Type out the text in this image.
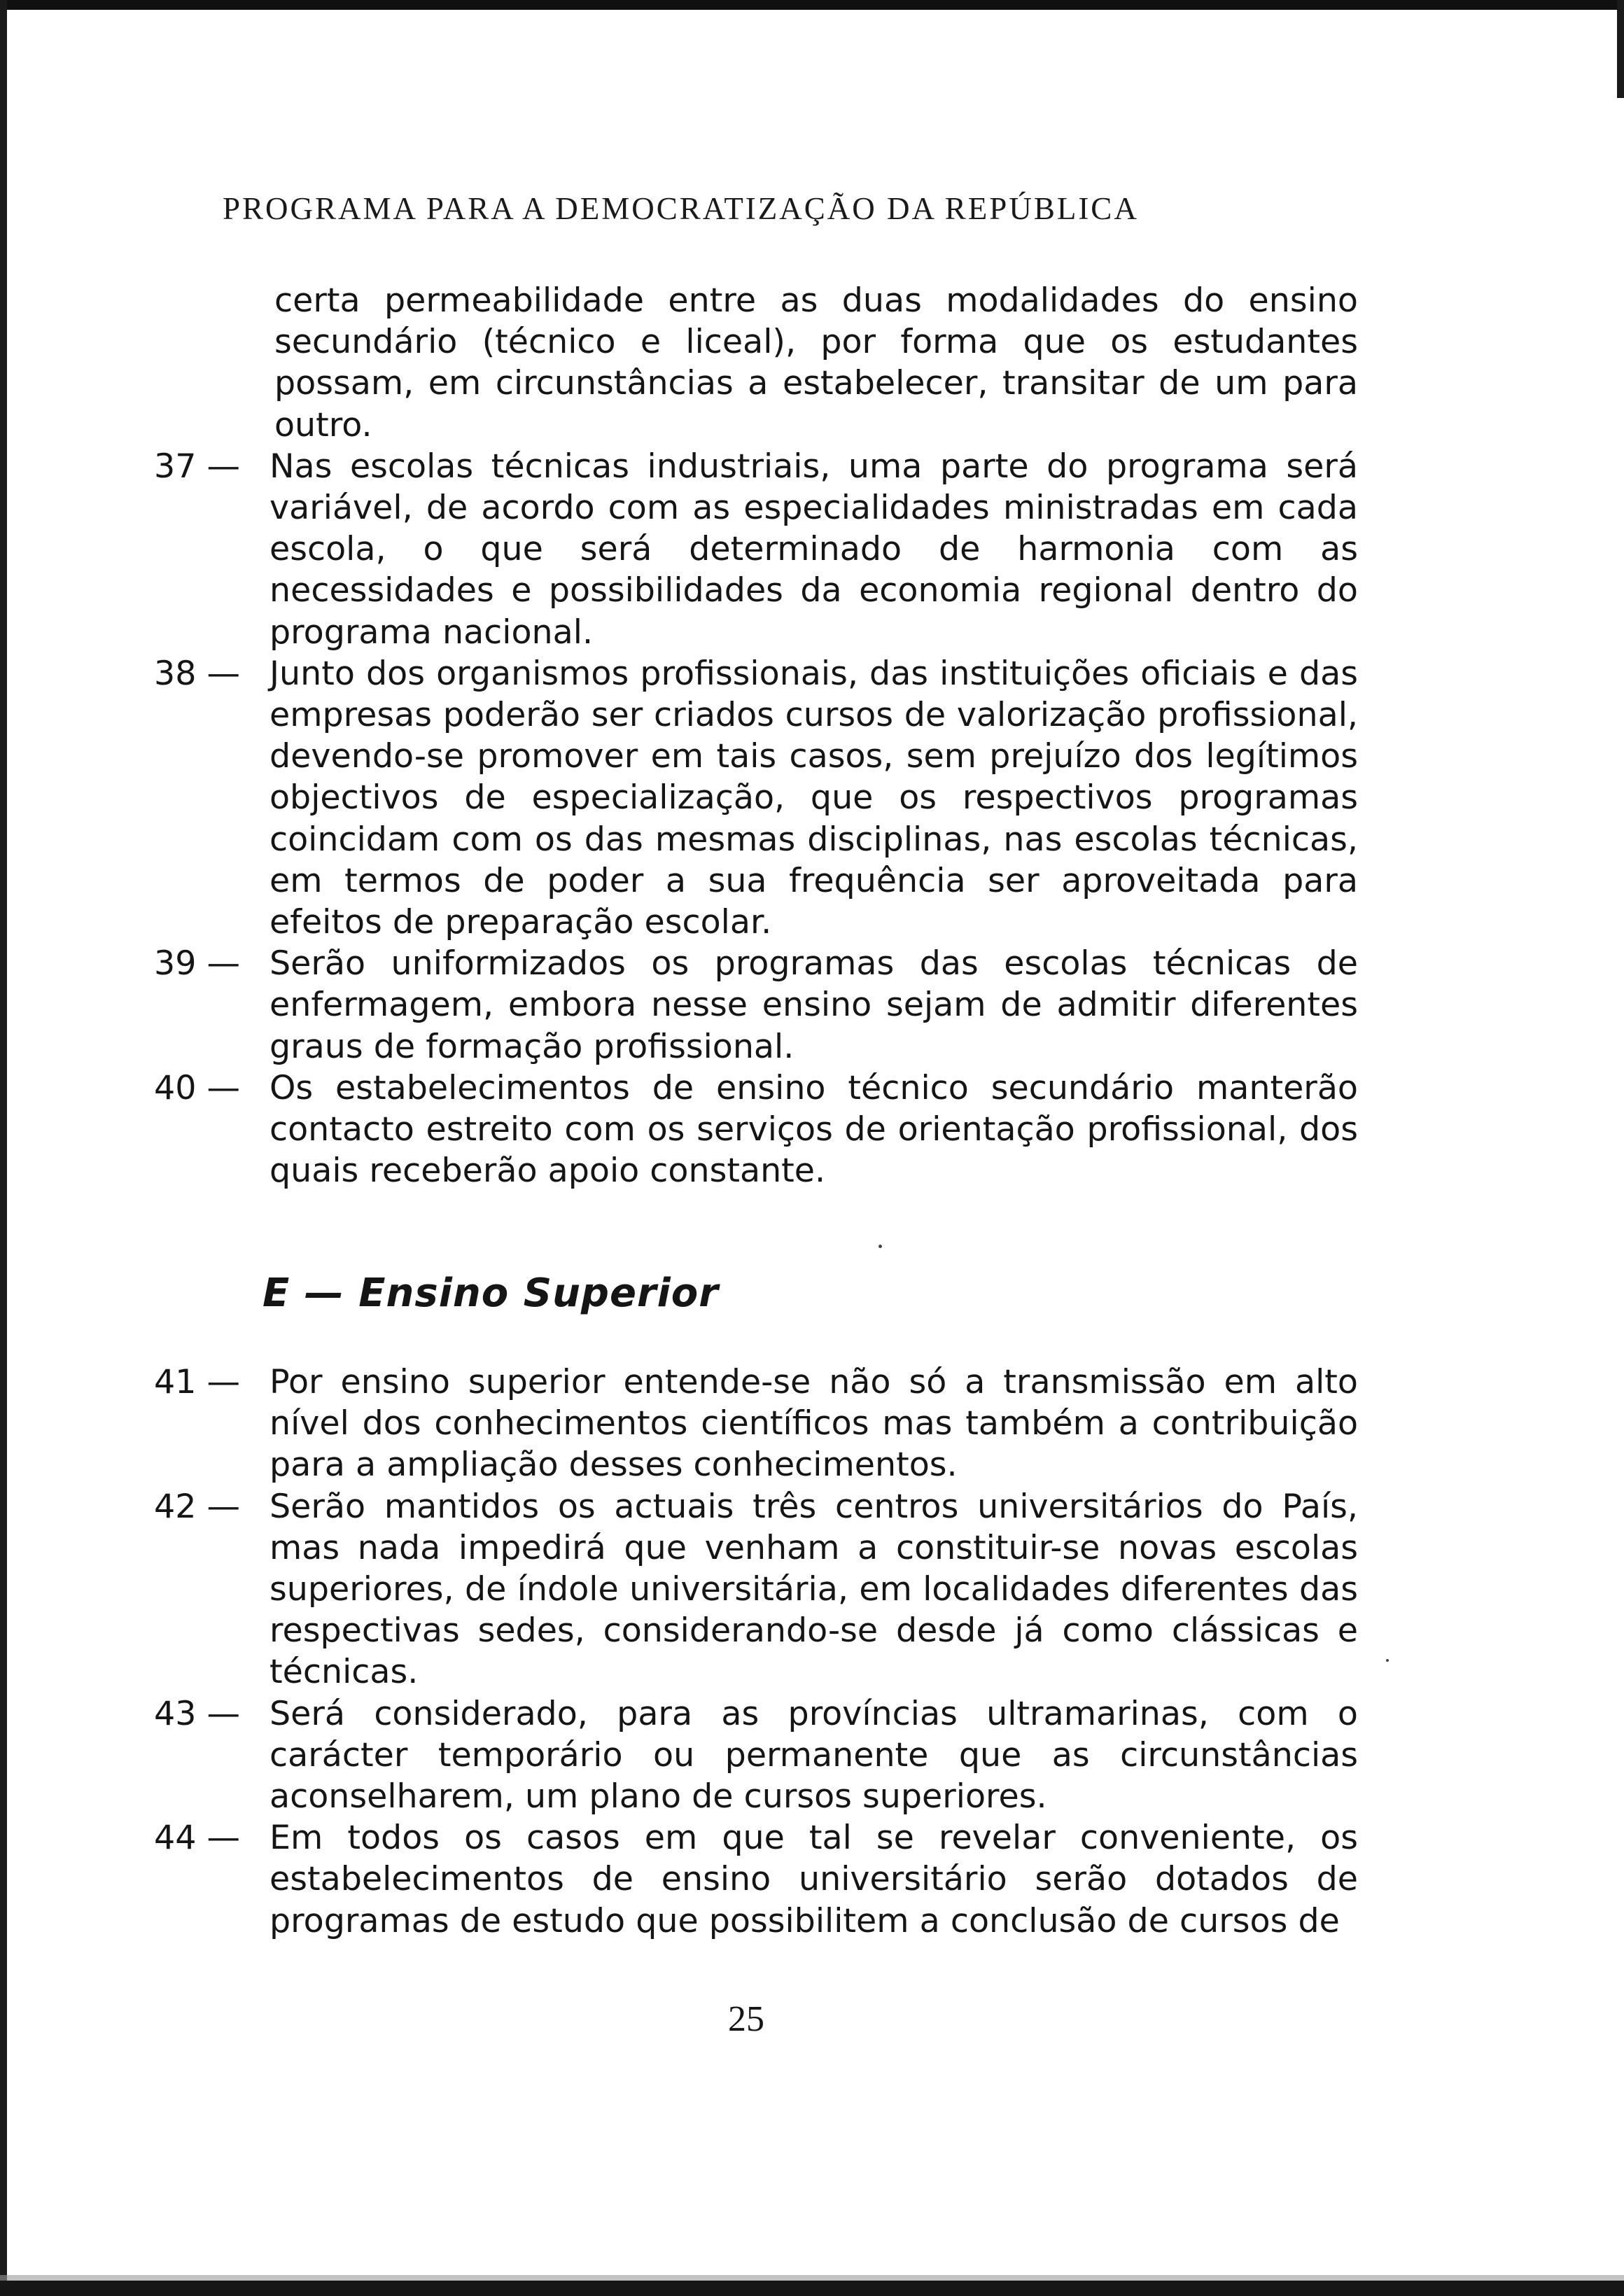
PROGRAMA PARA A DEMOCRATIZAÇÃO DA REPÚBLICA

certa permeabilidade entre as duas modalidades do ensino secundário (técnico e liceal), por forma que os estudantes possam, em circunstâncias a estabelecer, transitar de um para outro.

37 — Nas escolas técnicas industriais, uma parte do programa será variável, de acordo com as especialidades ministradas em cada escola, o que será determinado de harmonia com as necessidades e possibilidades da economia regional dentro do programa nacional.
38 — Junto dos organismos profissionais, das instituições oficiais e das empresas poderão ser criados cursos de valorização profissional, devendo-se promover em tais casos, sem prejuízo dos legítimos objectivos de especialização, que os respectivos programas coincidam com os das mesmas disciplinas, nas escolas técnicas, em termos de poder a sua frequência ser aproveitada para efeitos de preparação escolar.
39 — Serão uniformizados os programas das escolas técnicas de enfermagem, embora nesse ensino sejam de admitir diferentes graus de formação profissional.
40 — Os estabelecimentos de ensino técnico secundário manterão contacto estreito com os serviços de orientação profissional, dos quais receberão apoio constante.
E — Ensino Superior
41 — Por ensino superior entende-se não só a transmissão em alto nível dos conhecimentos científicos mas também a contribuição para a ampliação desses conhecimentos.
42 — Serão mantidos os actuais três centros universitários do País, mas nada impedirá que venham a constituir-se novas escolas superiores, de índole universitária, em localidades diferentes das respectivas sedes, considerando-se desde já como clássicas e técnicas.
43 — Será considerado, para as províncias ultramarinas, com o carácter temporário ou permanente que as circunstâncias aconselharem, um plano de cursos superiores.
44 — Em todos os casos em que tal se revelar conveniente, os estabelecimentos de ensino universitário serão dotados de programas de estudo que possibilitem a conclusão de cursos de
25
